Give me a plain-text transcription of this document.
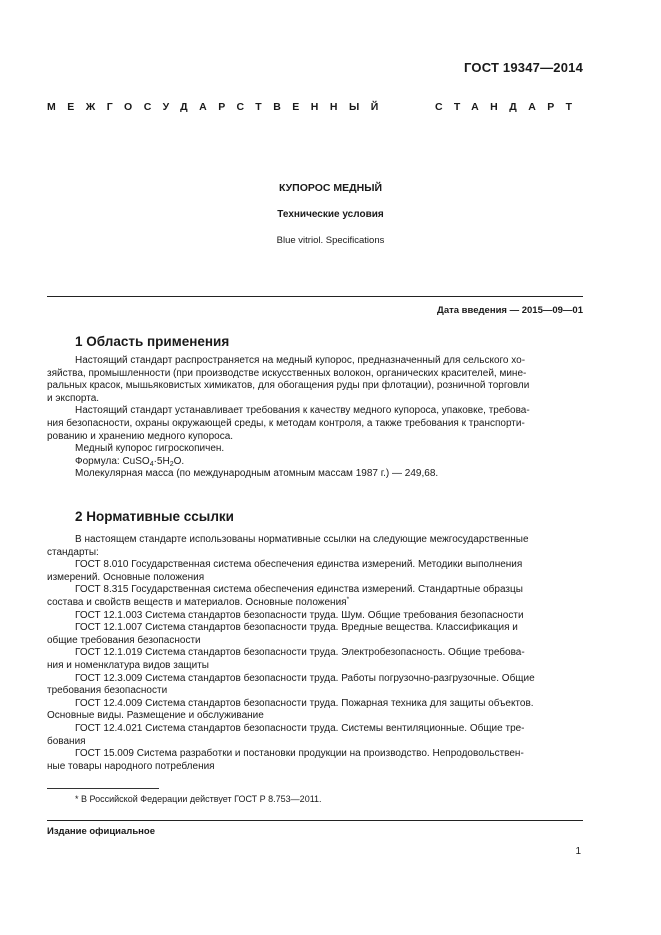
ГОСТ 19347—2014
МЕЖГОСУДАРСТВЕННЫЙ	СТАНДАРТ
КУПОРОС МЕДНЫЙ
Технические условия
Blue vitriol. Specifications
Дата введения — 2015—09—01
1 Область применения
Настоящий стандарт распространяется на медный купорос, предназначенный для сельского хо-
зяйства, промышленности (при производстве искусственных волокон, органических красителей, мине-
ральных красок, мышьяковистых химикатов, для обогащения руды при флотации), розничной торговли
и экспорта.
Настоящий стандарт устанавливает требования к качеству медного купороса, упаковке, требова-
ния безопасности, охраны окружающей среды, к методам контроля, а также требования к транспорти-
рованию и хранению медного купороса.
Медный купорос гигроскопичен.
Формула: $CuSO_4\cdot 5H_2O$.
Молекулярная масса (по международным атомным массам 1987 г.) — 249,68.
2 Нормативные ссылки
В настоящем стандарте использованы нормативные ссылки на следующие межгосударственные
стандарты:
ГОСТ 8.010 Государственная система обеспечения единства измерений. Методики выполнения
измерений. Основные положения
ГОСТ 8.315 Государственная система обеспечения единства измерений. Стандартные образцы
состава и свойств веществ и материалов. Основные положения*
ГОСТ 12.1.003 Система стандартов безопасности труда. Шум. Общие требования безопасности
ГОСТ 12.1.007 Система стандартов безопасности труда. Вредные вещества. Классификация и
общие требования безопасности
ГОСТ 12.1.019 Система стандартов безопасности труда. Электробезопасность. Общие требова-
ния и номенклатура видов защиты
ГОСТ 12.3.009 Система стандартов безопасности труда. Работы погрузочно-разгрузочные. Общие
требования безопасности
ГОСТ 12.4.009 Система стандартов безопасности труда. Пожарная техника для защиты объектов.
Основные виды. Размещение и обслуживание
ГОСТ 12.4.021 Система стандартов безопасности труда. Системы вентиляционные. Общие тре-
бования
ГОСТ 15.009 Система разработки и постановки продукции на производство. Непродовольствен-
ные товары народного потребления
* В Российской Федерации действует ГОСТ Р 8.753—2011.
Издание официальное
1
